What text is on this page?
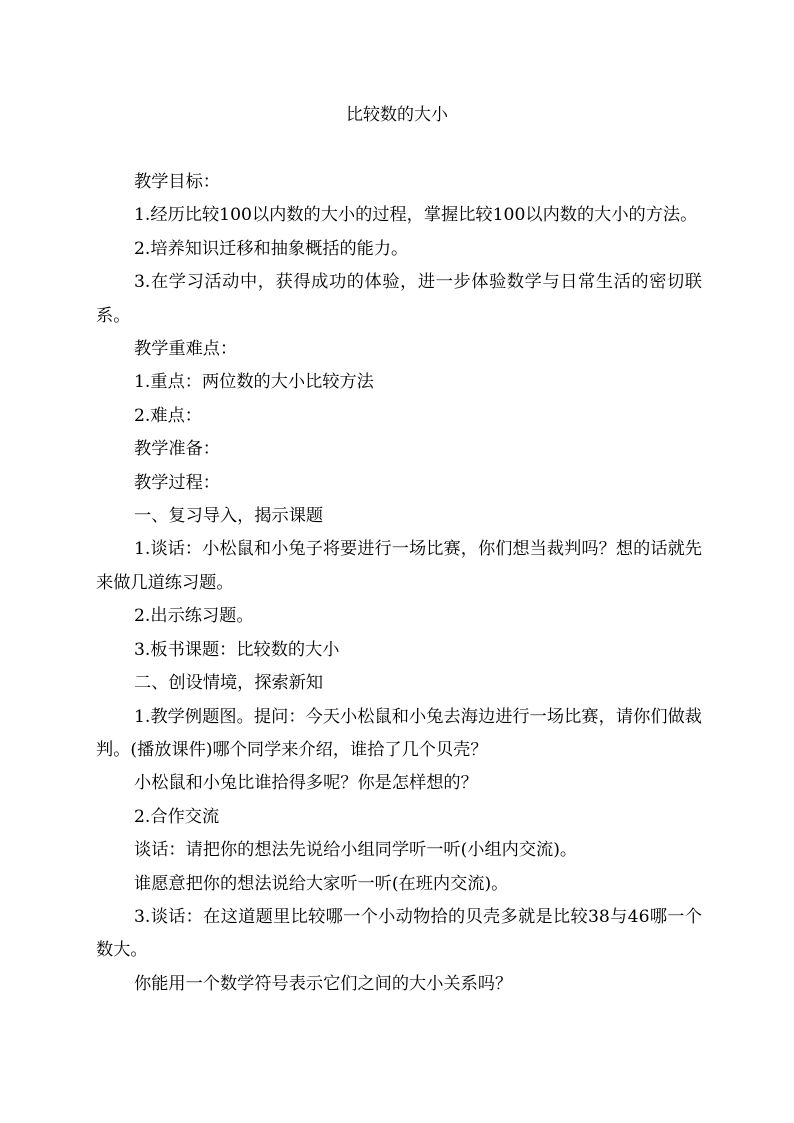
比较数的大小

教学目标：

1.经历比较100以内数的大小的过程，掌握比较100以内数的大小的方法。

2.培养知识迁移和抽象概括的能力。

3.在学习活动中，获得成功的体验，进一步体验数学与日常生活的密切联系。

教学重难点：

1.重点：两位数的大小比较方法

2.难点：

教学准备：

教学过程：

一、复习导入，揭示课题

1.谈话：小松鼠和小兔子将要进行一场比赛，你们想当裁判吗？想的话就先来做几道练习题。

2.出示练习题。

3.板书课题：比较数的大小

二、创设情境，探索新知

1.教学例题图。提问：今天小松鼠和小兔去海边进行一场比赛，请你们做裁判。(播放课件)哪个同学来介绍，谁拾了几个贝壳？

小松鼠和小兔比谁拾得多呢？你是怎样想的？

2.合作交流

谈话：请把你的想法先说给小组同学听一听(小组内交流)。

谁愿意把你的想法说给大家听一听(在班内交流)。

3.谈话：在这道题里比较哪一个小动物拾的贝壳多就是比较38与46哪一个数大。

你能用一个数学符号表示它们之间的大小关系吗？
